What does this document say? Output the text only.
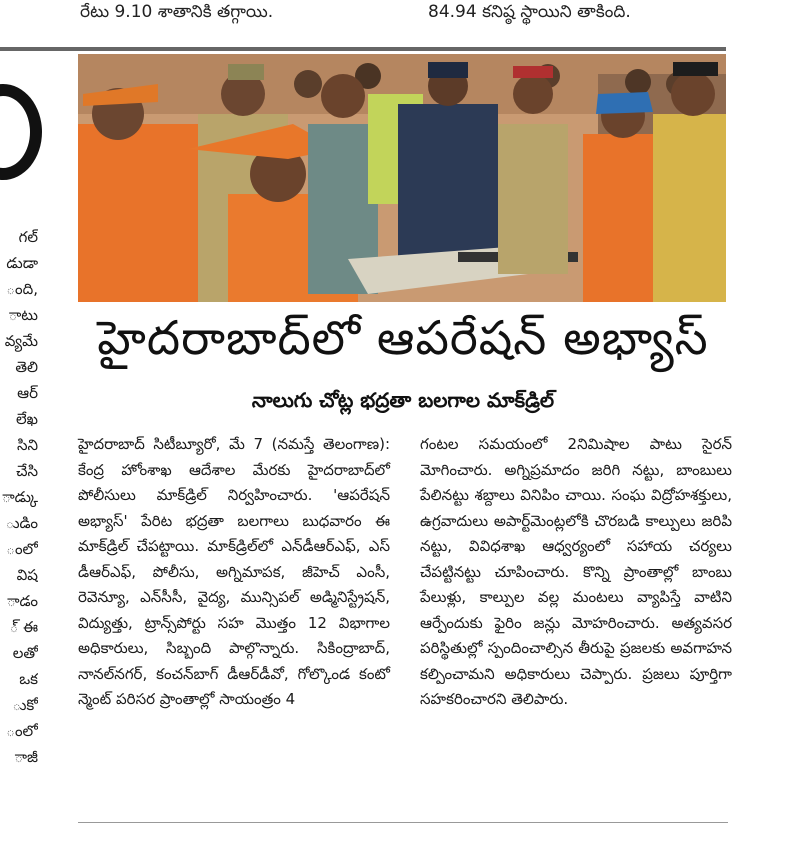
రేటు 9.10 శాతానికి తగ్గాయి.	84.94 కనిష్ఠ స్థాయిని తాకింది.
గల్
డుడా
ంది,
ాటు
వ్యమే
తెలి
ఆర్
లేఖ
సిని
చేసి
ాడ్కు
ుడిం
ంలో
విష
ాడం
్ ఈ
లతో
ఒక
ుకో
ంలో
ాజీ
హైదరాబాద్‌లో ఆపరేషన్ అభ్యాస్
నాలుగు చోట్ల భద్రతా బలగాల మాక్‌డ్రిల్

హైదరాబాద్ సిటీబ్యూరో, మే 7 (నమస్తే తెలంగాణ): కేంద్ర హోంశాఖ ఆదేశాల మేరకు హైదరాబాద్‌లో పోలీసులు మాక్‌డ్రిల్ నిర్వహించారు. 'ఆపరేషన్ అభ్యాస్' పేరిట భద్రతా బలగాలు బుధవారం ఈ మాక్‌డ్రిల్ చేపట్టాయి. మాక్‌డ్రిల్‌లో ఎన్‌డీఆర్‌ఎఫ్, ఎస్ డీఆర్‌ఎఫ్, పోలీసు, అగ్నిమాపక, జీహెచ్ ఎంసీ, రెవెన్యూ, ఎన్‌సీసీ, వైద్య, మున్సిపల్ అడ్మినిస్ట్రేషన్, విద్యుత్తు, ట్రాన్స్‌పోర్టు సహ మొత్తం 12 విభాగాల అధికారులు, సిబ్బంది పాల్గొన్నారు. సికింద్రాబాద్, నానల్‌నగర్, కంచన్‌బాగ్ డీఆర్‌డీవో, గోల్కొండ కంటో న్మెంట్ పరిసర ప్రాంతాల్లో సాయంత్రం 4

గంటల సమయంలో 2నిమిషాల పాటు సైరన్ మోగించారు. అగ్నిప్రమాదం జరిగి నట్టు, బాంబులు పేలినట్టు శబ్దాలు వినిపిం చాయి. సంఘ విద్రోహశక్తులు, ఉగ్రవాదులు అపార్ట్‌మెంట్లలోకి చొరబడి కాల్పులు జరిపి నట్టు, వివిధశాఖ ఆధ్వర్యంలో సహాయ చర్యలు చేపట్టినట్టు చూపించారు. కొన్ని ప్రాంతాల్లో బాంబు పేలుళ్లు, కాల్పుల వల్ల మంటలు వ్యాపిస్తే వాటిని ఆర్పేందుకు ఫైరిం జన్లు మోహరించారు. అత్యవసర పరిస్థితుల్లో స్పందించాల్సిన తీరుపై ప్రజలకు అవగాహన కల్పించామని అధికారులు చెప్పారు. ప్రజలు పూర్తిగా సహకరించారని తెలిపారు.
